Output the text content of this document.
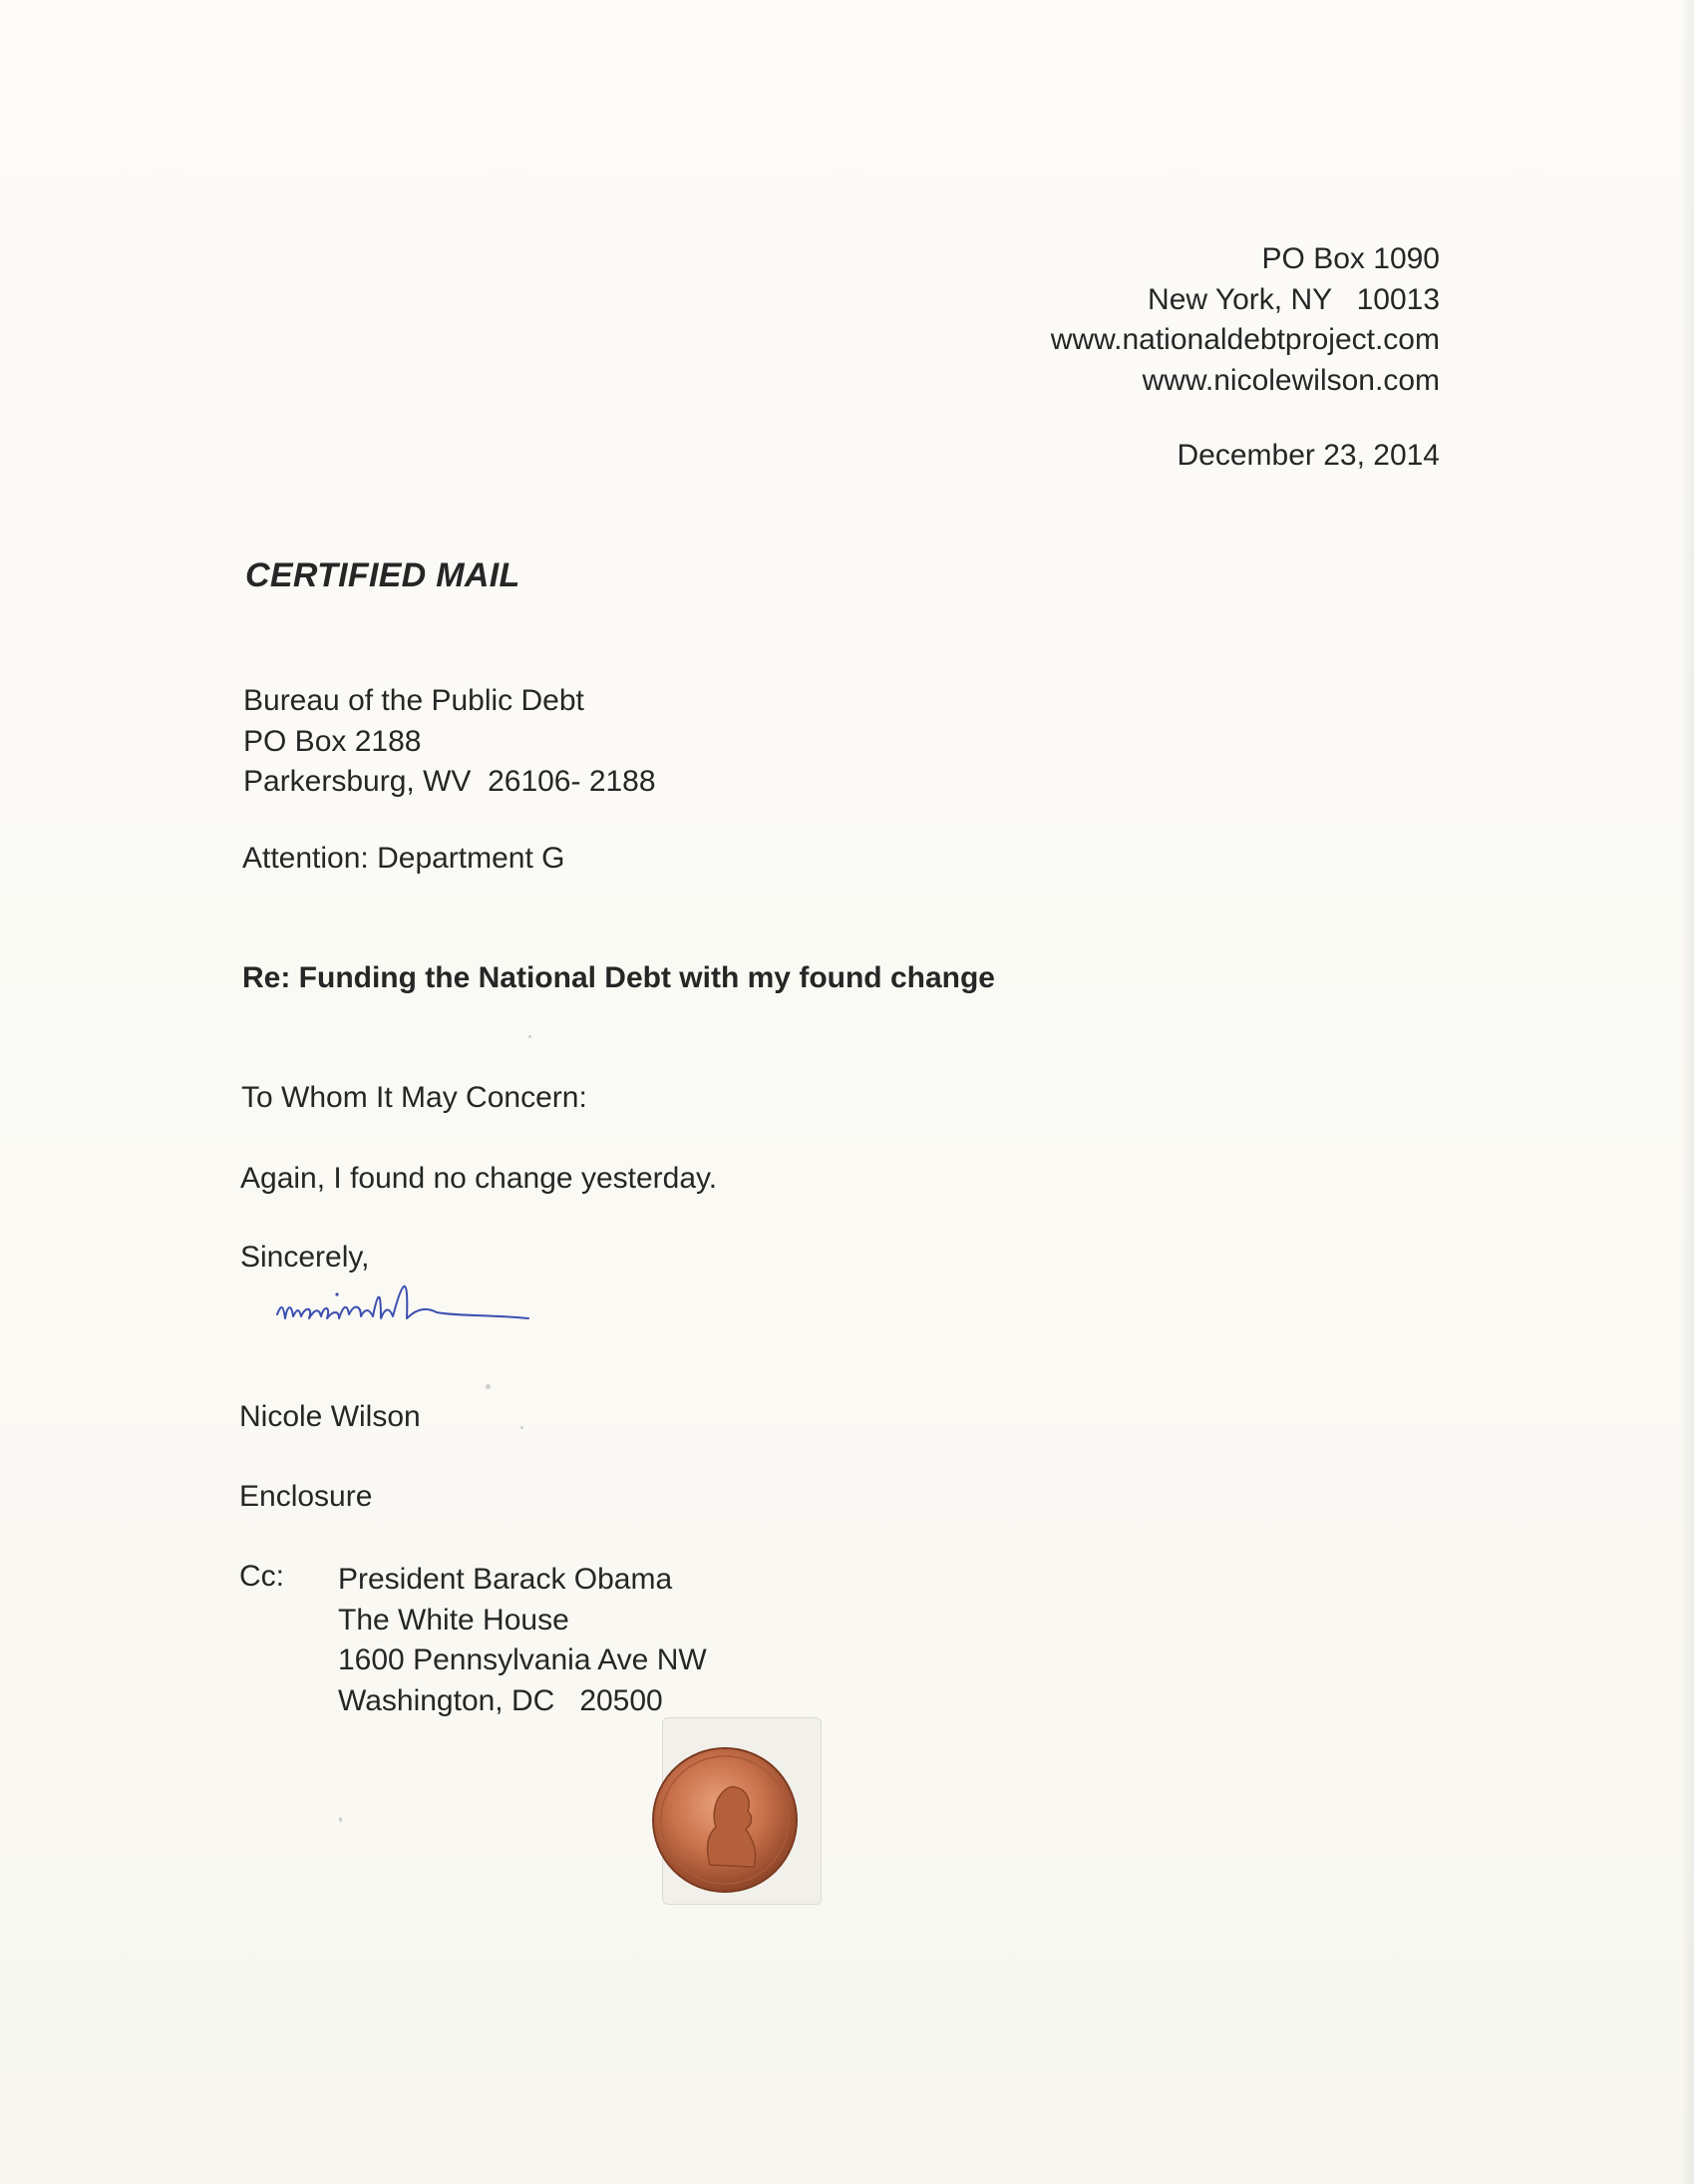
PO Box 1090
New York, NY   10013
www.nationaldebtproject.com
www.nicolewilson.com
December 23, 2014
CERTIFIED MAIL
Bureau of the Public Debt
PO Box 2188
Parkersburg, WV  26106- 2188
Attention: Department G
Re: Funding the National Debt with my found change
To Whom It May Concern:
Again, I found no change yesterday.
Sincerely,
Nicole Wilson
Enclosure
Cc: President Barack Obama
The White House
1600 Pennsylvania Ave NW
Washington, DC   20500
